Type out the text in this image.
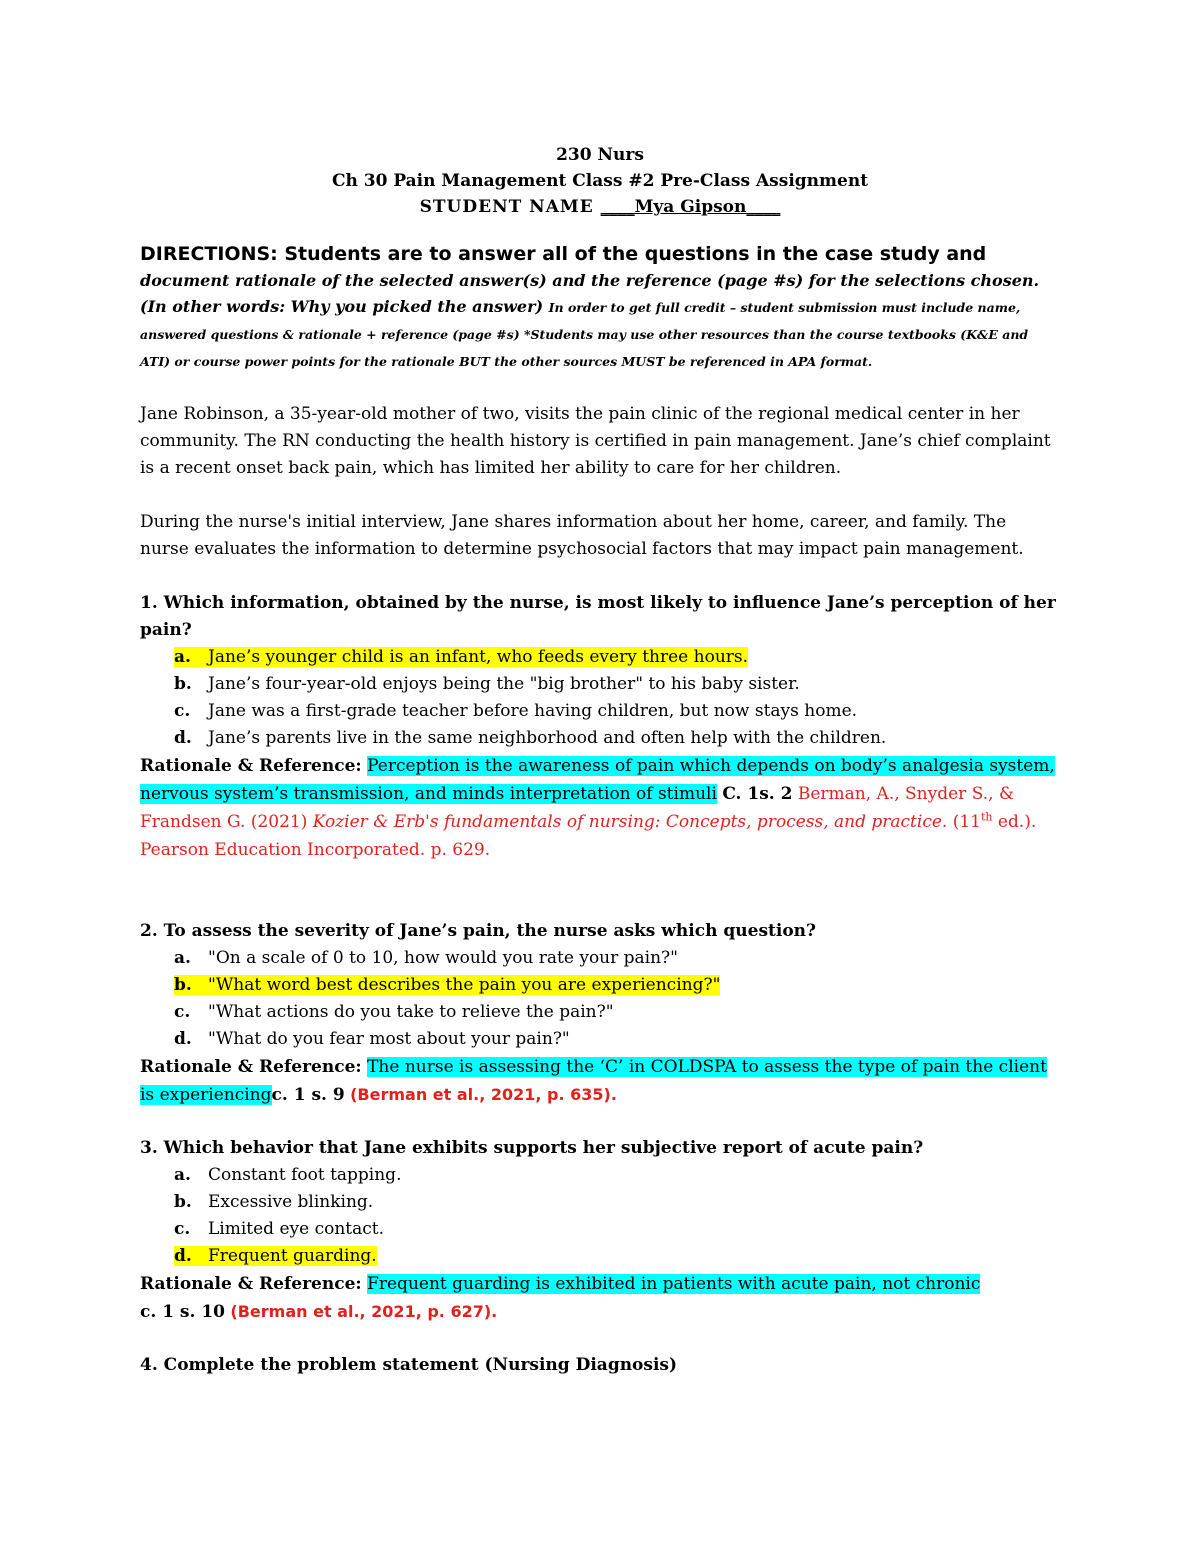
230 Nurs
Ch 30 Pain Management Class #2 Pre-Class Assignment
STUDENT NAME ____Mya Gipson____
DIRECTIONS: Students are to answer all of the questions in the case study and
document rationale of the selected answer(s) and the reference (page #s) for the selections chosen. (In other words: Why you picked the answer) In order to get full credit – student submission must include name, answered questions & rationale + reference (page #s) *Students may use other resources than the course textbooks (K&E and ATI) or course power points for the rationale BUT the other sources MUST be referenced in APA format.

Jane Robinson, a 35-year-old mother of two, visits the pain clinic of the regional medical center in her community. The RN conducting the health history is certified in pain management. Jane’s chief complaint is a recent onset back pain, which has limited her ability to care for her children.

During the nurse's initial interview, Jane shares information about her home, career, and family. The nurse evaluates the information to determine psychosocial factors that may impact pain management.

1. Which information, obtained by the nurse, is most likely to influence Jane’s perception of her pain?

a. Jane’s younger child is an infant, who feeds every three hours.
b. Jane’s four-year-old enjoys being the "big brother" to his baby sister.
c. Jane was a first-grade teacher before having children, but now stays home.
d. Jane’s parents live in the same neighborhood and often help with the children.

Rationale & Reference: Perception is the awareness of pain which depends on body’s analgesia system, nervous system’s transmission, and minds interpretation of stimuli C. 1s. 2 Berman, A., Snyder S., & Frandsen G. (2021) Kozier & Erb's fundamentals of nursing: Concepts, process, and practice. (11th ed.). Pearson Education Incorporated. p. 629.

2. To assess the severity of Jane’s pain, the nurse asks which question?

a. "On a scale of 0 to 10, how would you rate your pain?"
b. "What word best describes the pain you are experiencing?"
c. "What actions do you take to relieve the pain?"
d. "What do you fear most about your pain?"

Rationale & Reference: The nurse is assessing the ‘C’ in COLDSPA to assess the type of pain the client is experiencingc. 1 s. 9 (Berman et al., 2021, p. 635).

3. Which behavior that Jane exhibits supports her subjective report of acute pain?

a. Constant foot tapping.
b. Excessive blinking.
c. Limited eye contact.
d. Frequent guarding.

Rationale & Reference: Frequent guarding is exhibited in patients with acute pain, not chronic
c. 1 s. 10 (Berman et al., 2021, p. 627).

4. Complete the problem statement (Nursing Diagnosis)
